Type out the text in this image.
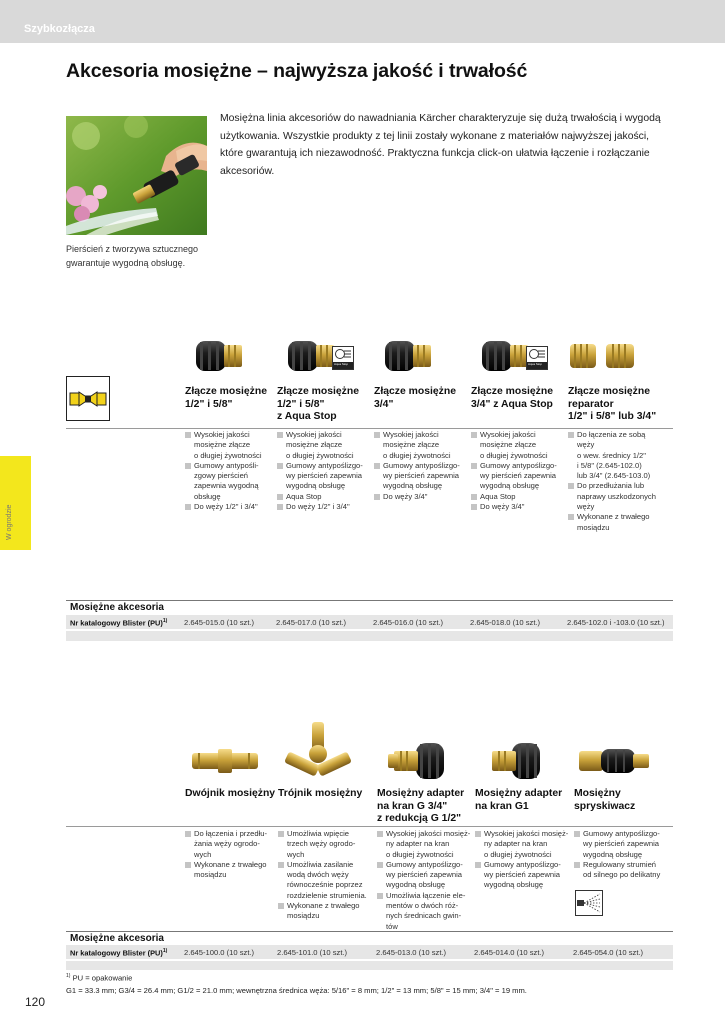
Szybkozłącza
Akcesoria mosiężne – najwyższa jakość i trwałość
Pierścień z tworzywa sztucznego gwarantuje wygodną obsługę.
Mosiężna linia akcesoriów do nawadniania Kärcher charakteryzuje się dużą trwałością i wygodą użytkowania. Wszystkie produkty z tej linii zostały wykonane z materiałów najwyższej jakości, które gwarantują ich niezawodność. Praktyczna funkcja click-on ułatwia łączenie i rozłączanie akcesoriów.
W ogrodzie
Mosiężne akcesoria
Nr katalogowy Blister (PU)$^{1)}$
Mosiężne akcesoria
Nr katalogowy Blister (PU)$^{1)}$
$^{1)}$ PU = opakowanie
G1 = 33.3 mm; G3/4 = 26.4 mm; G1/2 = 21.0 mm; wewnętrzna średnica węża: 5/16" = 8 mm; 1/2" = 13 mm; 5/8" = 15 mm; 3/4" = 19 mm.
120
Złącze mosiężne
1/2" i 5/8"
Wysokiej jakości
mosiężne złącze
o długiej żywotności
Gumowy antypośli-
zgowy pierścień
zapewnia wygodną
obsługę
Do węży 1/2" i 3/4"
2.645-015.0 (10 szt.)
Aqua Stop
Złącze mosiężne
1/2" i 5/8"
z Aqua Stop
Wysokiej jakości
mosiężne złącze
o długiej żywotności
Gumowy antypoślizgo-
wy pierścień zapewnia
wygodną obsługę
Aqua Stop
Do węży 1/2" i 3/4"
2.645-017.0 (10 szt.)
Złącze mosiężne
3/4"
Wysokiej jakości
mosiężne złącze
o długiej żywotności
Gumowy antypoślizgo-
wy pierścień zapewnia
wygodną obsługę
Do węży 3/4"
2.645-016.0 (10 szt.)
Aqua Stop
Złącze mosiężne
3/4" z Aqua Stop
Wysokiej jakości
mosiężne złącze
o długiej żywotności
Gumowy antypoślizgo-
wy pierścień zapewnia
wygodną obsługę
Aqua Stop
Do węży 3/4"
2.645-018.0 (10 szt.)
Złącze mosiężne
reparator
1/2" i 5/8" lub 3/4"
Do łączenia ze sobą węży
o wew. średnicy 1/2"
i 5/8" (2.645-102.0)
lub 3/4" (2.645-103.0)
Do przedłużania lub
naprawy uszkodzonych
węży
Wykonane z trwałego
mosiądzu
2.645-102.0 i -103.0 (10 szt.)
Dwójnik mosiężny
Do łączenia i przedłu-
żania węży ogrodo-
wych
Wykonane z trwałego
mosiądzu
2.645-100.0 (10 szt.)
Trójnik mosiężny
Umożliwia wpięcie
trzech węży ogrodo-
wych
Umożliwia zasilanie
wodą dwóch węży
równocześnie poprzez
rozdzielenie strumienia.
Wykonane z trwałego
mosiądzu
2.645-101.0 (10 szt.)
Mosiężny adapter
na kran G 3/4"
z redukcją G 1/2"
Wysokiej jakości mosięż-
ny adapter na kran
o długiej żywotności
Gumowy antypoślizgo-
wy pierścień zapewnia
wygodną obsługę
Umożliwia łączenie ele-
mentów o dwóch róż-
nych średnicach gwin-
tów
2.645-013.0 (10 szt.)
Mosiężny adapter
na kran G1
Wysokiej jakości mosięż-
ny adapter na kran
o długiej żywotności
Gumowy antypoślizgo-
wy pierścień zapewnia
wygodną obsługę
2.645-014.0 (10 szt.)
Mosiężny
spryskiwacz
Gumowy antypoślizgo-
wy pierścień zapewnia
wygodną obsługę
Regulowany strumień
od silnego po delikatny
2.645-054.0 (10 szt.)
